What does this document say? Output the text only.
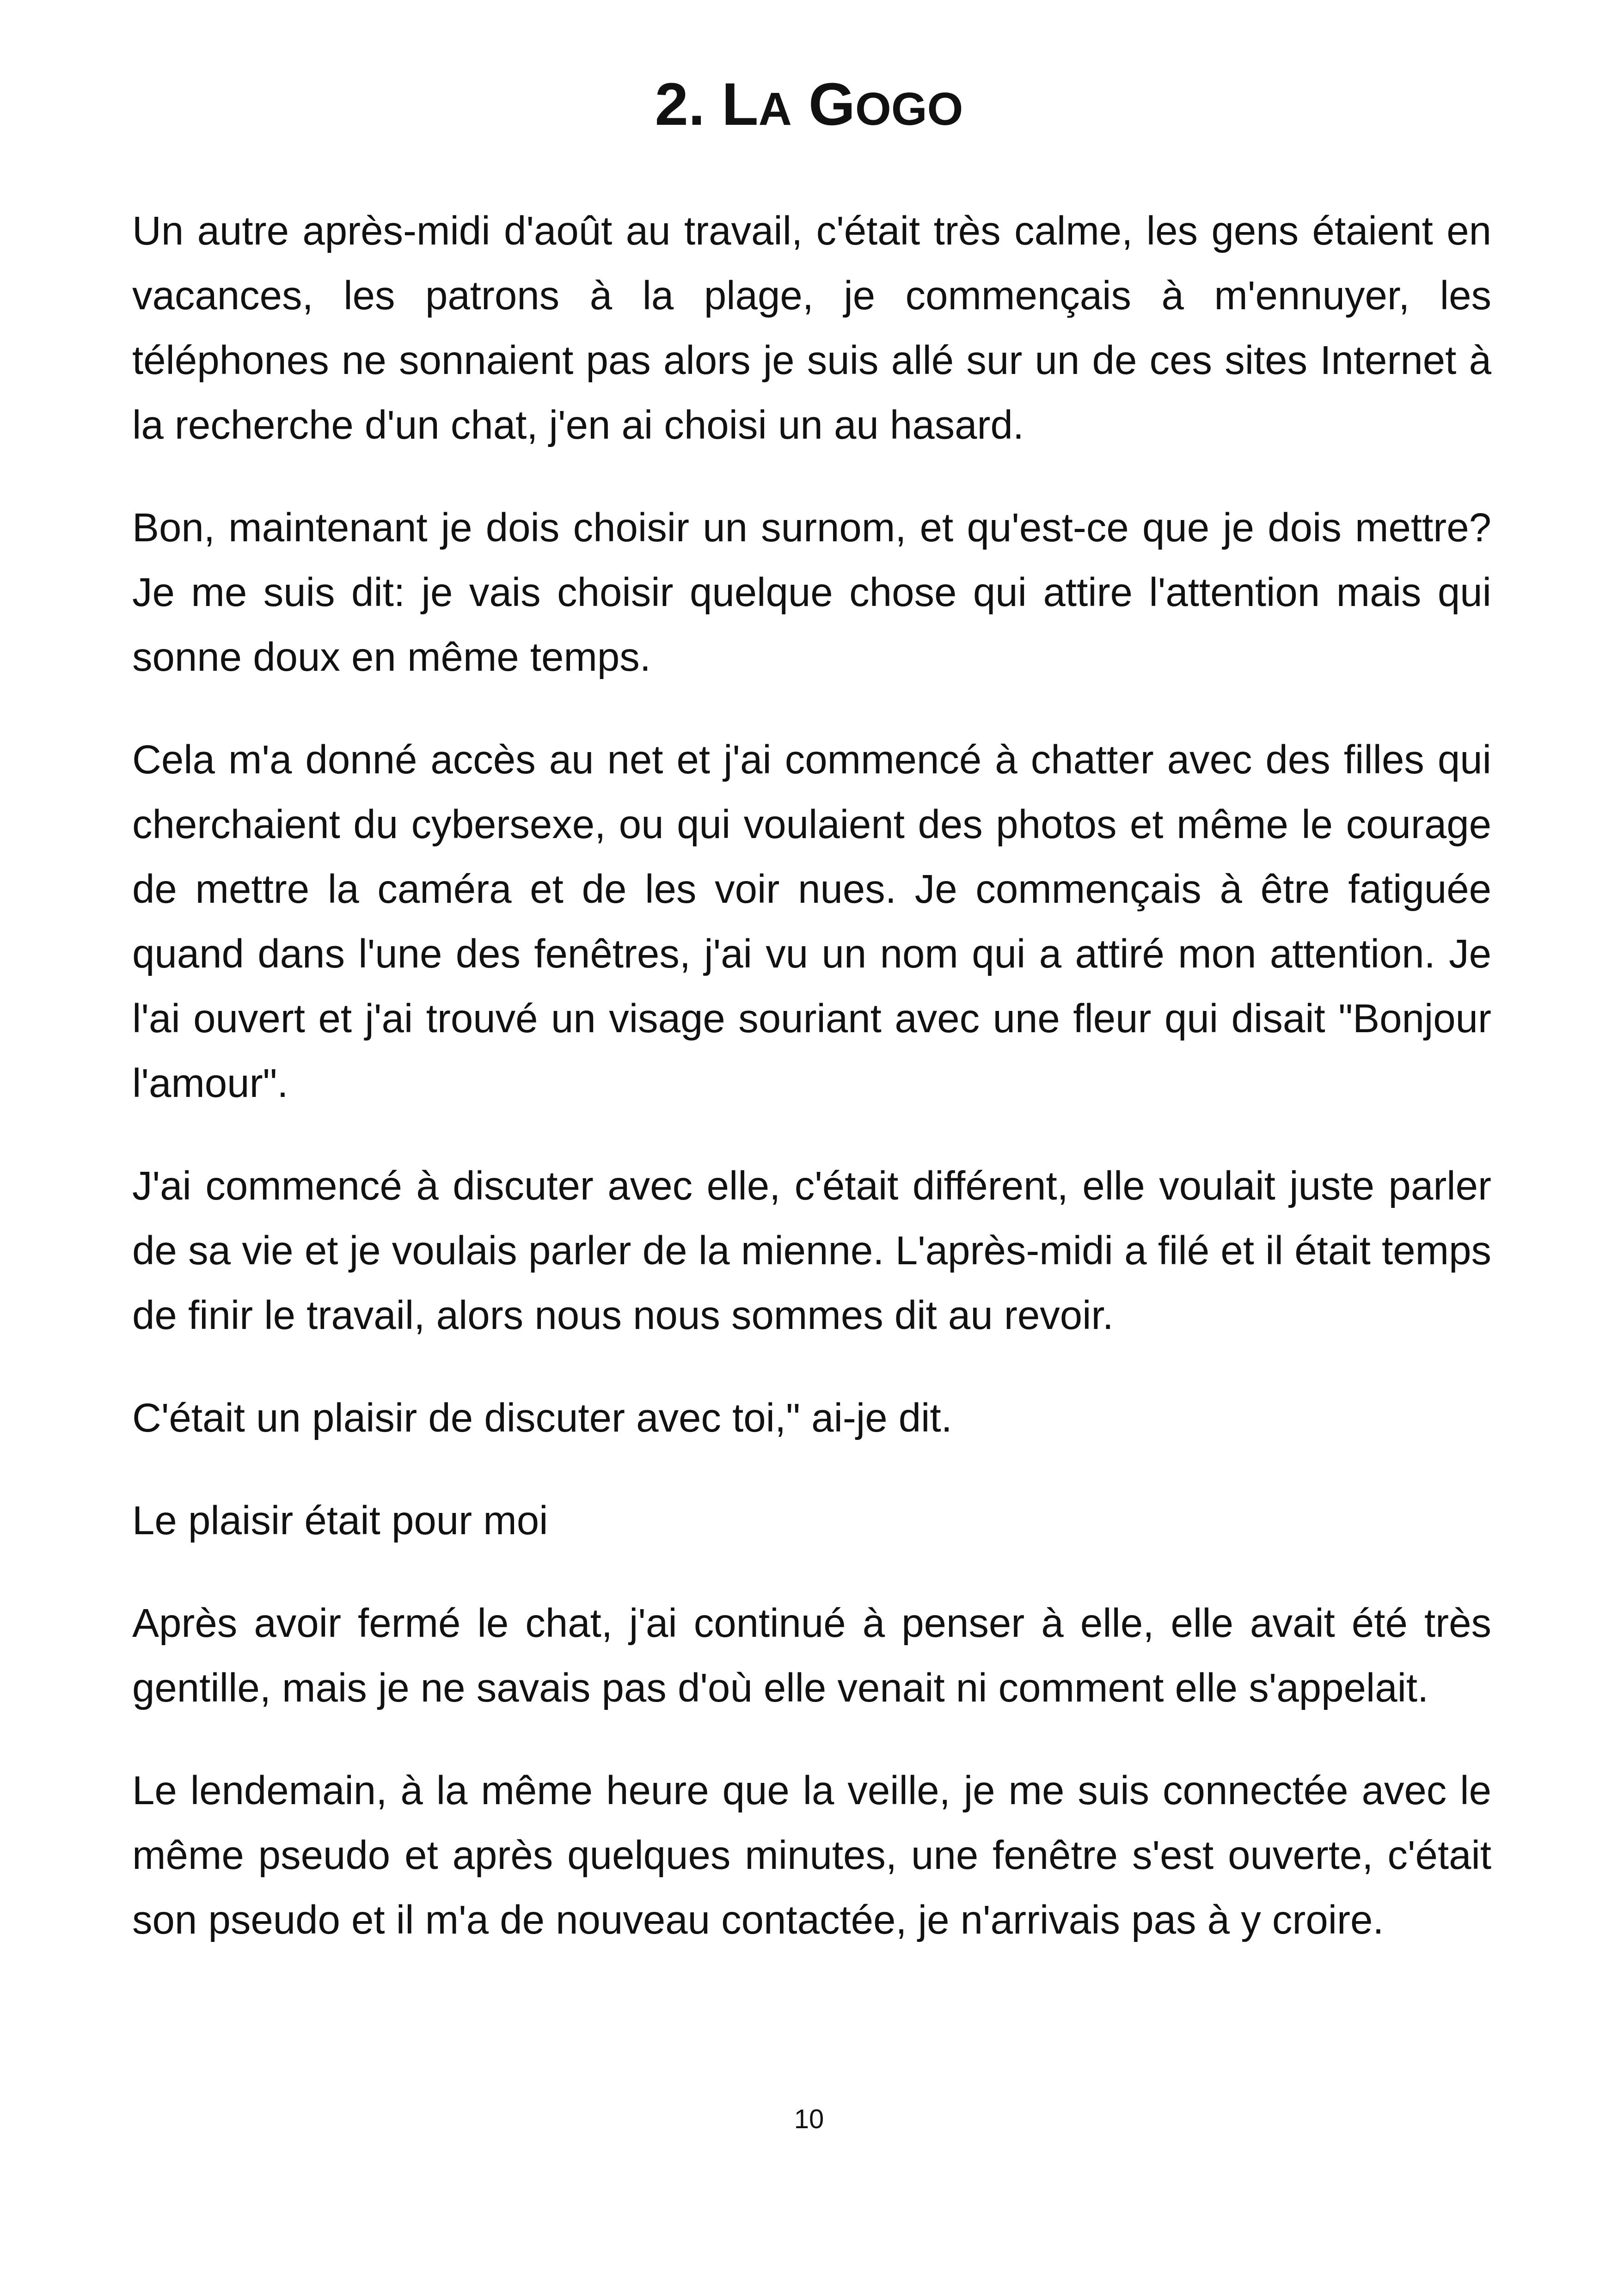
2. LA GOGO

Un autre après-midi d'août au travail, c'était très calme, les gens étaient en vacances, les patrons à la plage, je commençais à m'ennuyer, les téléphones ne sonnaient pas alors je suis allé sur un de ces sites Internet à la recherche d'un chat, j'en ai choisi un au hasard.

Bon, maintenant je dois choisir un surnom, et qu'est-ce que je dois mettre? Je me suis dit: je vais choisir quelque chose qui attire l'attention mais qui sonne doux en même temps.

Cela m'a donné accès au net et j'ai commencé à chatter avec des filles qui cherchaient du cybersexe, ou qui voulaient des photos et même le courage de mettre la caméra et de les voir nues. Je commençais à être fatiguée quand dans l'une des fenêtres, j'ai vu un nom qui a attiré mon attention. Je l'ai ouvert et j'ai trouvé un visage souriant avec une fleur qui disait "Bonjour l'amour".

J'ai commencé à discuter avec elle, c'était différent, elle voulait juste parler de sa vie et je voulais parler de la mienne. L'après-midi a filé et il était temps de finir le travail, alors nous nous sommes dit au revoir.

C'était un plaisir de discuter avec toi," ai-je dit.

Le plaisir était pour moi

Après avoir fermé le chat, j'ai continué à penser à elle, elle avait été très gentille, mais je ne savais pas d'où elle venait ni comment elle s'appelait.

Le lendemain, à la même heure que la veille, je me suis connectée avec le même pseudo et après quelques minutes, une fenêtre s'est ouverte, c'était son pseudo et il m'a de nouveau contactée, je n'arrivais pas à y croire.

10
